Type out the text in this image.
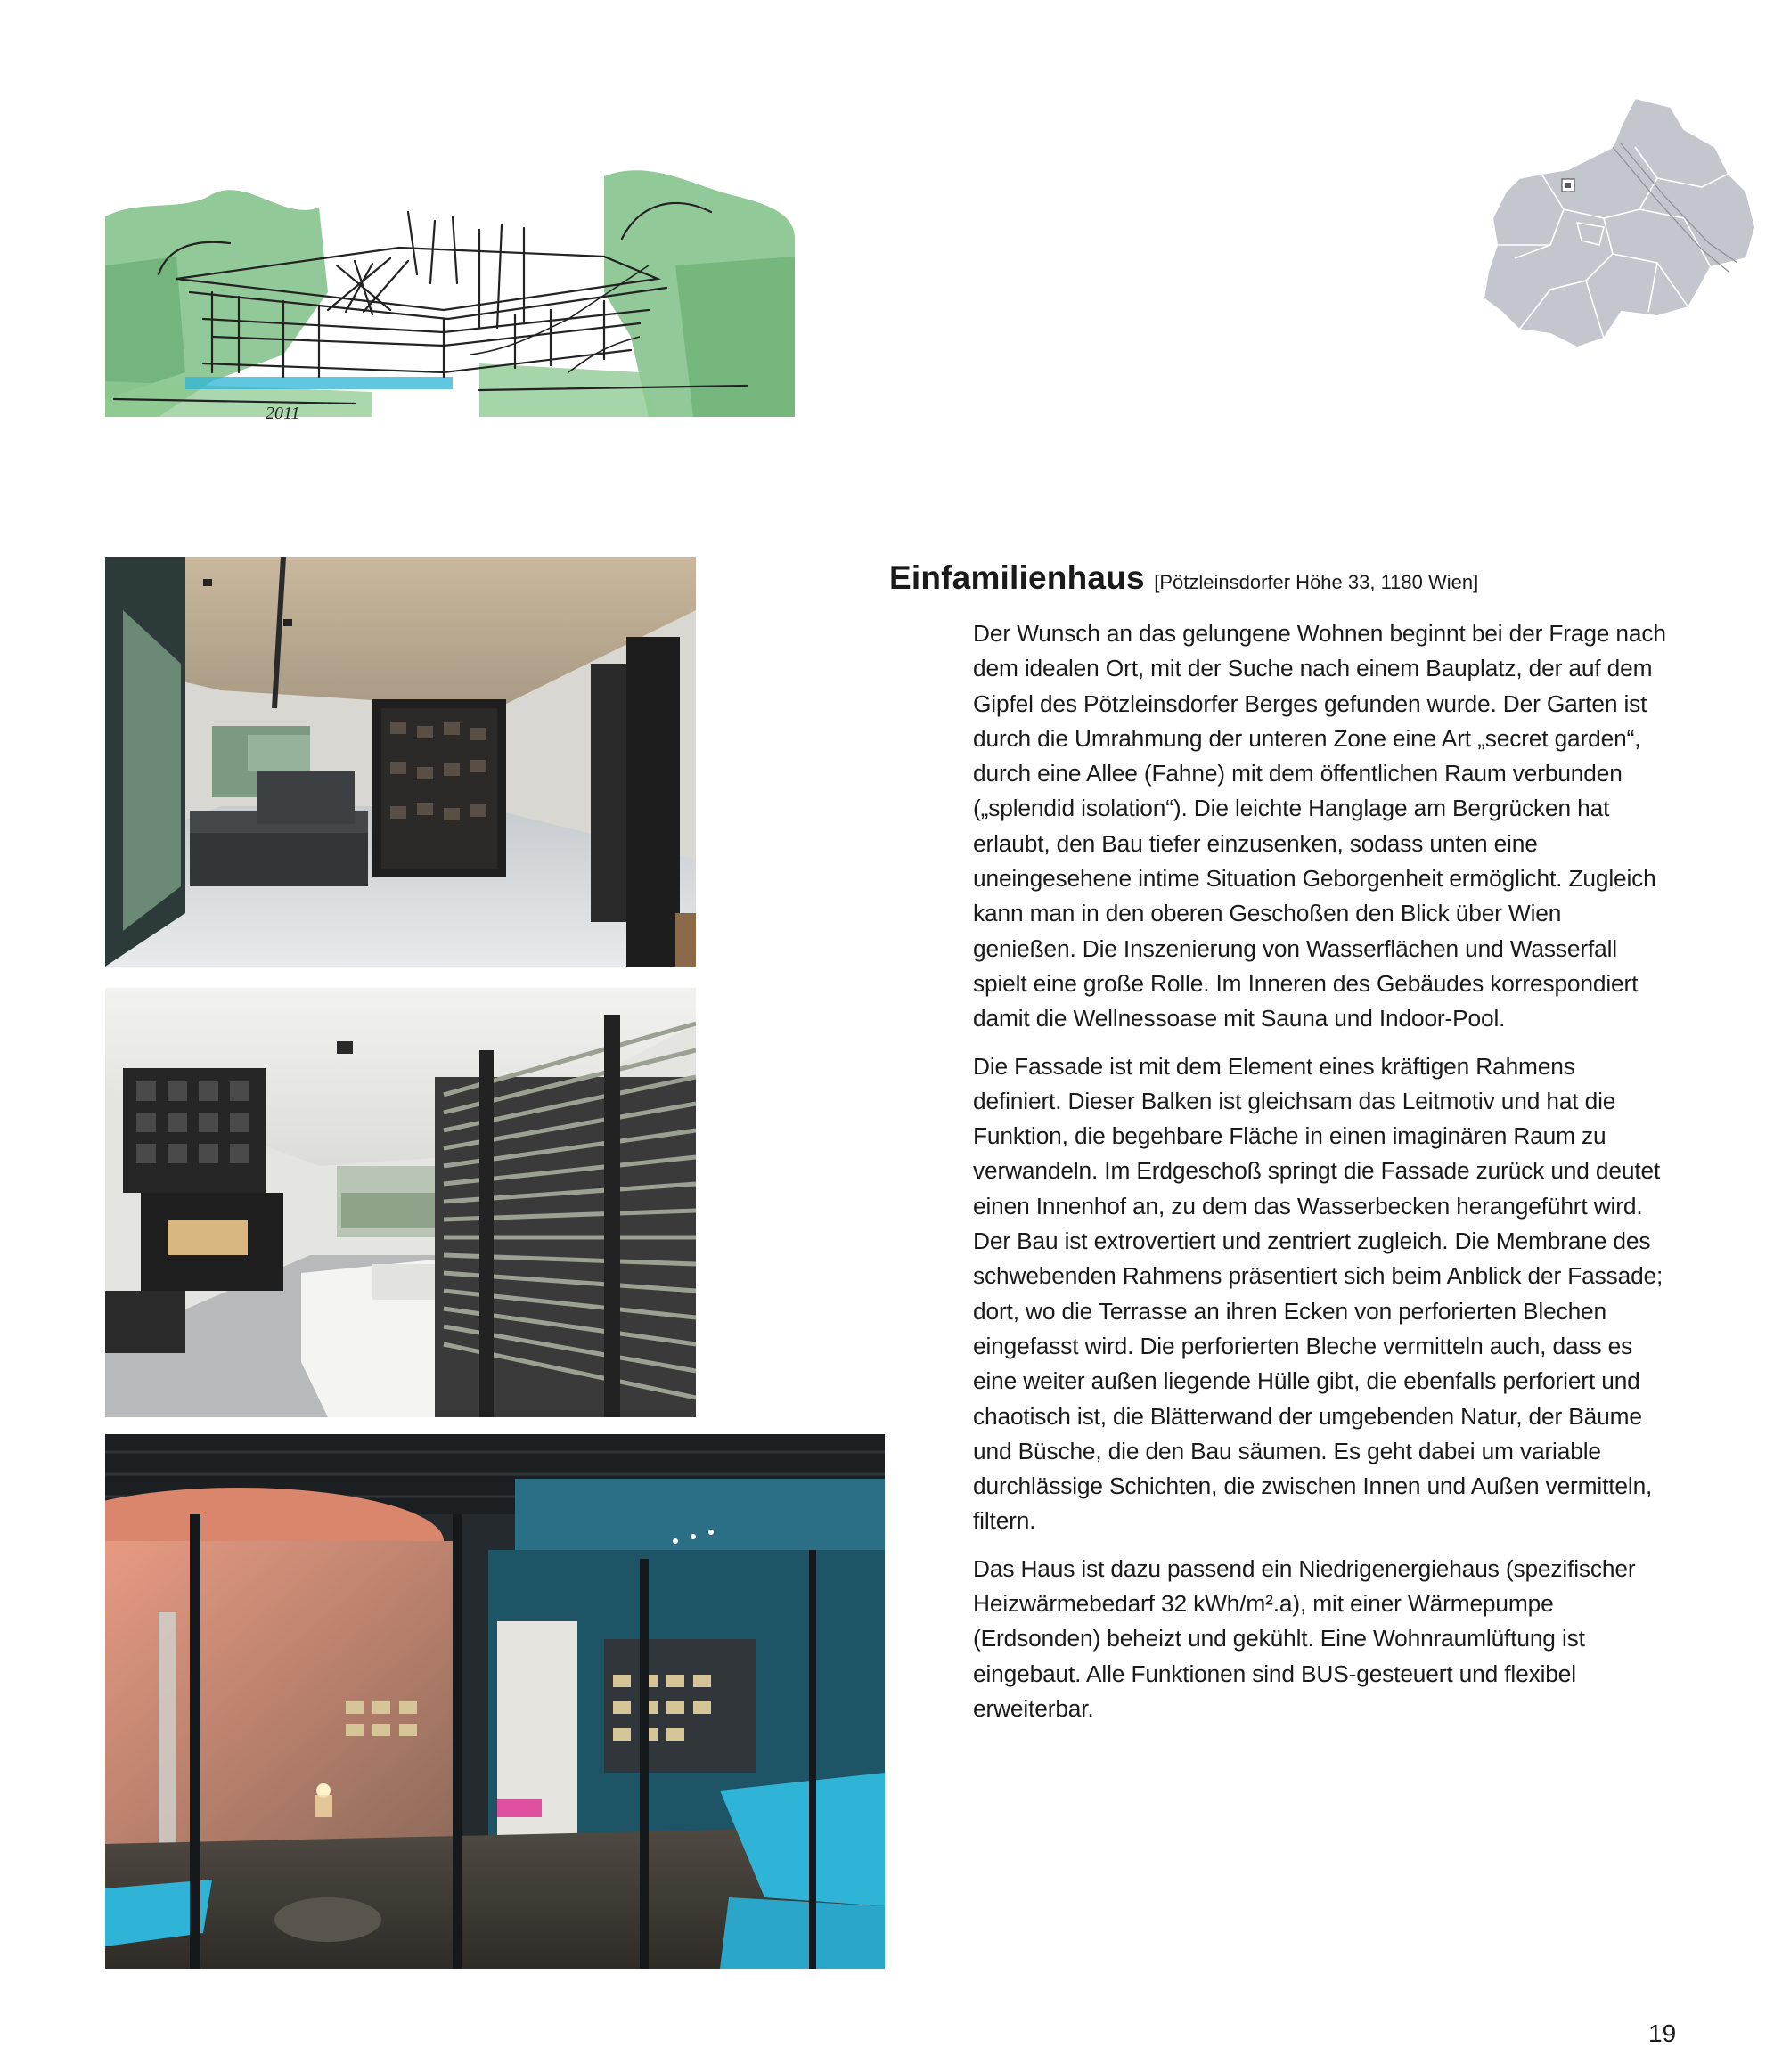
2011
Einfamilienhaus [Pötzleinsdorfer Höhe 33, 1180 Wien]

Der Wunsch an das gelungene Wohnen beginnt bei der Frage nach dem idealen Ort, mit der Suche nach einem Bauplatz, der auf dem Gipfel des Pötzleinsdorfer Berges gefunden wurde. Der Garten ist durch die Umrahmung der unteren Zone eine Art „secret garden“, durch eine Allee (Fahne) mit dem öffentlichen Raum verbunden („splendid isolation“). Die leichte Hanglage am Bergrücken hat erlaubt, den Bau tiefer einzusenken, sodass unten eine uneingesehene intime Situation Geborgenheit ermöglicht. Zugleich kann man in den oberen Geschoßen den Blick über Wien genießen. Die Inszenierung von Wasserflächen und Wasserfall spielt eine große Rolle. Im Inneren des Gebäudes korrespondiert damit die Wellnessoase mit Sauna und Indoor-Pool.

Die Fassade ist mit dem Element eines kräftigen Rahmens definiert. Dieser Balken ist gleichsam das Leitmotiv und hat die Funktion, die begehbare Fläche in einen imaginären Raum zu verwandeln. Im Erdgeschoß springt die Fassade zurück und deutet einen Innenhof an, zu dem das Wasserbecken herangeführt wird. Der Bau ist extrovertiert und zentriert zugleich. Die Membrane des schwebenden Rahmens präsentiert sich beim Anblick der Fassade; dort, wo die Terrasse an ihren Ecken von perforierten Blechen eingefasst wird. Die perforierten Bleche vermitteln auch, dass es eine weiter außen liegende Hülle gibt, die ebenfalls perforiert und chaotisch ist, die Blätterwand der umgebenden Natur, der Bäume und Büsche, die den Bau säumen. Es geht dabei um variable durchlässige Schichten, die zwischen Innen und Außen vermitteln, filtern.

Das Haus ist dazu passend ein Niedrigenergiehaus (spezifischer Heizwärmebedarf 32 kWh/m².a), mit einer Wärmepumpe (Erdsonden) beheizt und gekühlt. Eine Wohnraumlüftung ist eingebaut. Alle Funktionen sind BUS-gesteuert und flexibel erweiterbar.

19
